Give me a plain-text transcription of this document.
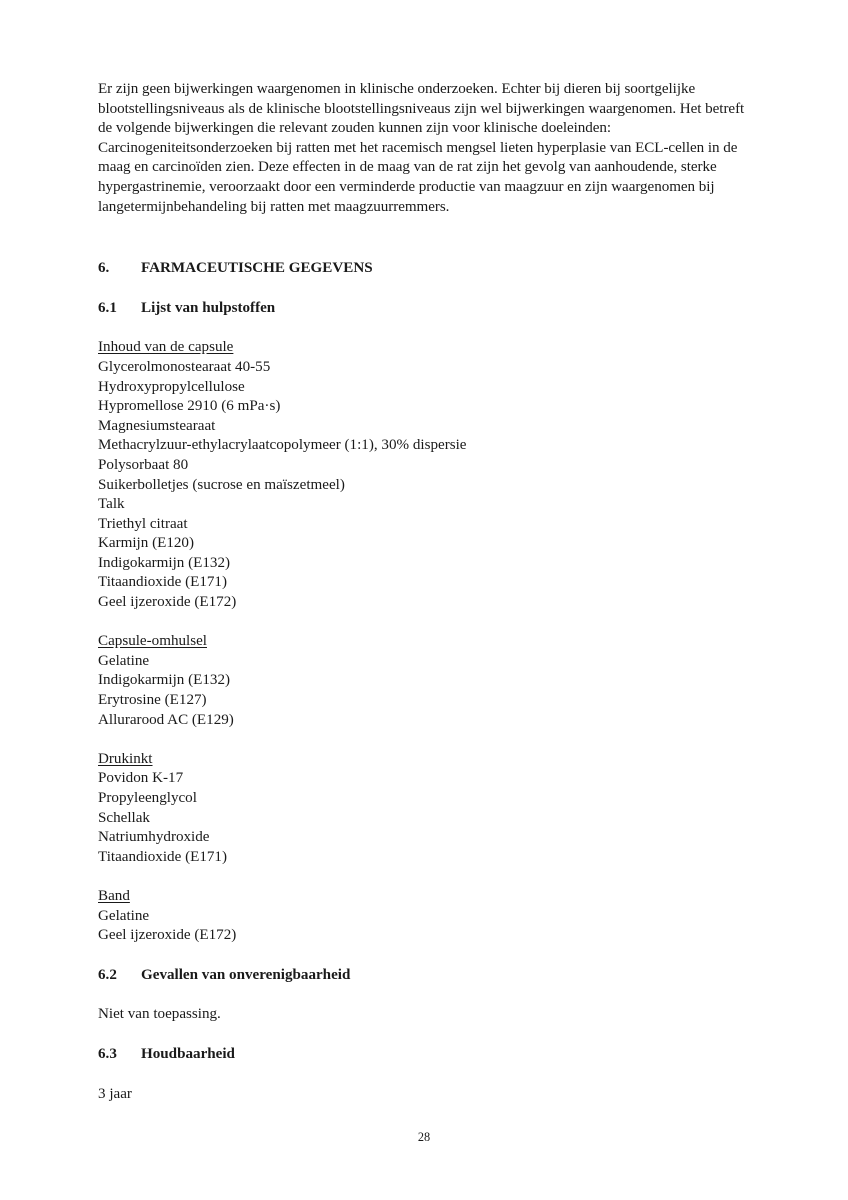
Er zijn geen bijwerkingen waargenomen in klinische onderzoeken. Echter bij dieren bij soortgelijke blootstellingsniveaus als de klinische blootstellingsniveaus zijn wel bijwerkingen waargenomen. Het betreft de volgende bijwerkingen die relevant zouden kunnen zijn voor klinische doeleinden: Carcinogeniteitsonderzoeken bij ratten met het racemisch mengsel lieten hyperplasie van ECL-cellen in de maag en carcinoïden zien. Deze effecten in de maag van de rat zijn het gevolg van aanhoudende, sterke hypergastrinemie, veroorzaakt door een verminderde productie van maagzuur en zijn waargenomen bij langetermijnbehandeling bij ratten met maagzuurremmers.

6.	FARMACEUTISCHE GEGEVENS
6.1	Lijst van hulpstoffen

Inhoud van de capsule

Glycerolmonostearaat 40-55

Hydroxypropylcellulose

Hypromellose 2910 (6 mPa·s)

Magnesiumstearaat

Methacrylzuur-ethylacrylaatcopolymeer (1:1), 30% dispersie

Polysorbaat 80

Suikerbolletjes (sucrose en maïszetmeel)

Talk

Triethyl citraat

Karmijn (E120)

Indigokarmijn (E132)

Titaandioxide (E171)

Geel ijzeroxide (E172)

Capsule-omhulsel

Gelatine

Indigokarmijn (E132)

Erytrosine (E127)

Allurarood AC (E129)

Drukinkt

Povidon K-17

Propyleenglycol

Schellak

Natriumhydroxide

Titaandioxide (E171)

Band

Gelatine

Geel ijzeroxide (E172)

6.2	Gevallen van onverenigbaarheid

Niet van toepassing.

6.3	Houdbaarheid

3 jaar

28
